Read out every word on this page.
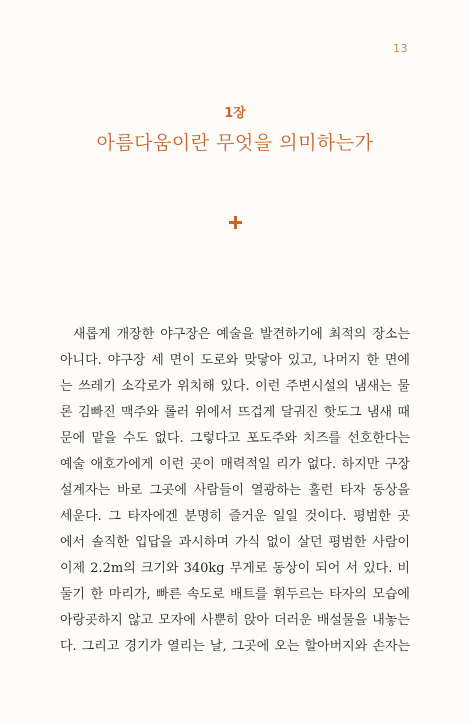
13
1장
아름다움이란 무엇을 의미하는가
새롭게 개장한 야구장은 예술을 발견하기에 최적의 장소는
아니다. 야구장 세 면이 도로와 맞닿아 있고, 나머지 한 면에
는 쓰레기 소각로가 위치해 있다. 이런 주변시설의 냄새는 물
론 김빠진 맥주와 롤러 위에서 뜨겁게 달궈진 핫도그 냄새 때
문에 맡을 수도 없다. 그렇다고 포도주와 치즈를 선호한다는
예술 애호가에게 이런 곳이 매력적일 리가 없다. 하지만 구장
설계자는 바로 그곳에 사람들이 열광하는 훌런 타자 동상을
세운다. 그 타자에겐 분명히 즐거운 일일 것이다. 평범한 곳
에서 솔직한 입답을 과시하며 가식 없이 살던 평범한 사람이
이제 2.2m의 크기와 340kg 무게로 동상이 되어 서 있다. 비
둘기 한 마리가, 빠른 속도로 배트를 휘두르는 타자의 모습에
아랑곳하지 않고 모자에 사뿐히 앉아 더러운 배설물을 내놓는
다. 그리고 경기가 열리는 날, 그곳에 오는 할아버지와 손자는
